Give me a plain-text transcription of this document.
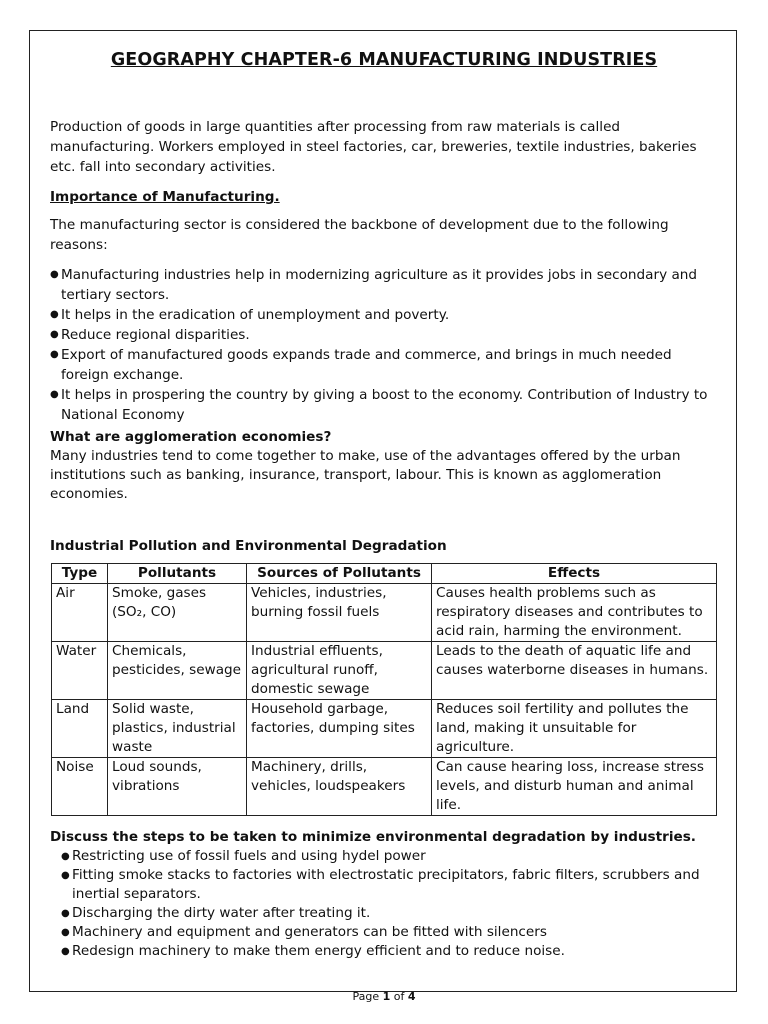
GEOGRAPHY CHAPTER-6 MANUFACTURING INDUSTRIES

Production of goods in large quantities after processing from raw materials is called manufacturing. Workers employed in steel factories, car, breweries, textile industries, bakeries etc. fall into secondary activities.

Importance of Manufacturing.

The manufacturing sector is considered the backbone of development due to the following reasons:

● Manufacturing industries help in modernizing agriculture as it provides jobs in secondary and tertiary sectors.
● It helps in the eradication of unemployment and poverty.
● Reduce regional disparities.
● Export of manufactured goods expands trade and commerce, and brings in much needed foreign exchange.
● It helps in prospering the country by giving a boost to the economy. Contribution of Industry to National Economy

What are agglomeration economies?

Many industries tend to come together to make, use of the advantages offered by the urban institutions such as banking, insurance, transport, labour. This is known as agglomeration economies.

Industrial Pollution and Environmental Degradation

Type	Pollutants	Sources of Pollutants	Effects
Air	Smoke, gases (SO₂, CO)	Vehicles, industries, burning fossil fuels	Causes health problems such as respiratory diseases and contributes to acid rain, harming the environment.
Water	Chemicals, pesticides, sewage	Industrial effluents, agricultural runoff, domestic sewage	Leads to the death of aquatic life and causes waterborne diseases in humans.
Land	Solid waste, plastics, industrial waste	Household garbage, factories, dumping sites	Reduces soil fertility and pollutes the land, making it unsuitable for agriculture.
Noise	Loud sounds, vibrations	Machinery, drills, vehicles, loudspeakers	Can cause hearing loss, increase stress levels, and disturb human and animal life.

Discuss the steps to be taken to minimize environmental degradation by industries.

● Restricting use of fossil fuels and using hydel power
● Fitting smoke stacks to factories with electrostatic precipitators, fabric filters, scrubbers and inertial separators.
● Discharging the dirty water after treating it.
● Machinery and equipment and generators can be fitted with silencers
● Redesign machinery to make them energy efficient and to reduce noise.
Page 1 of 4
